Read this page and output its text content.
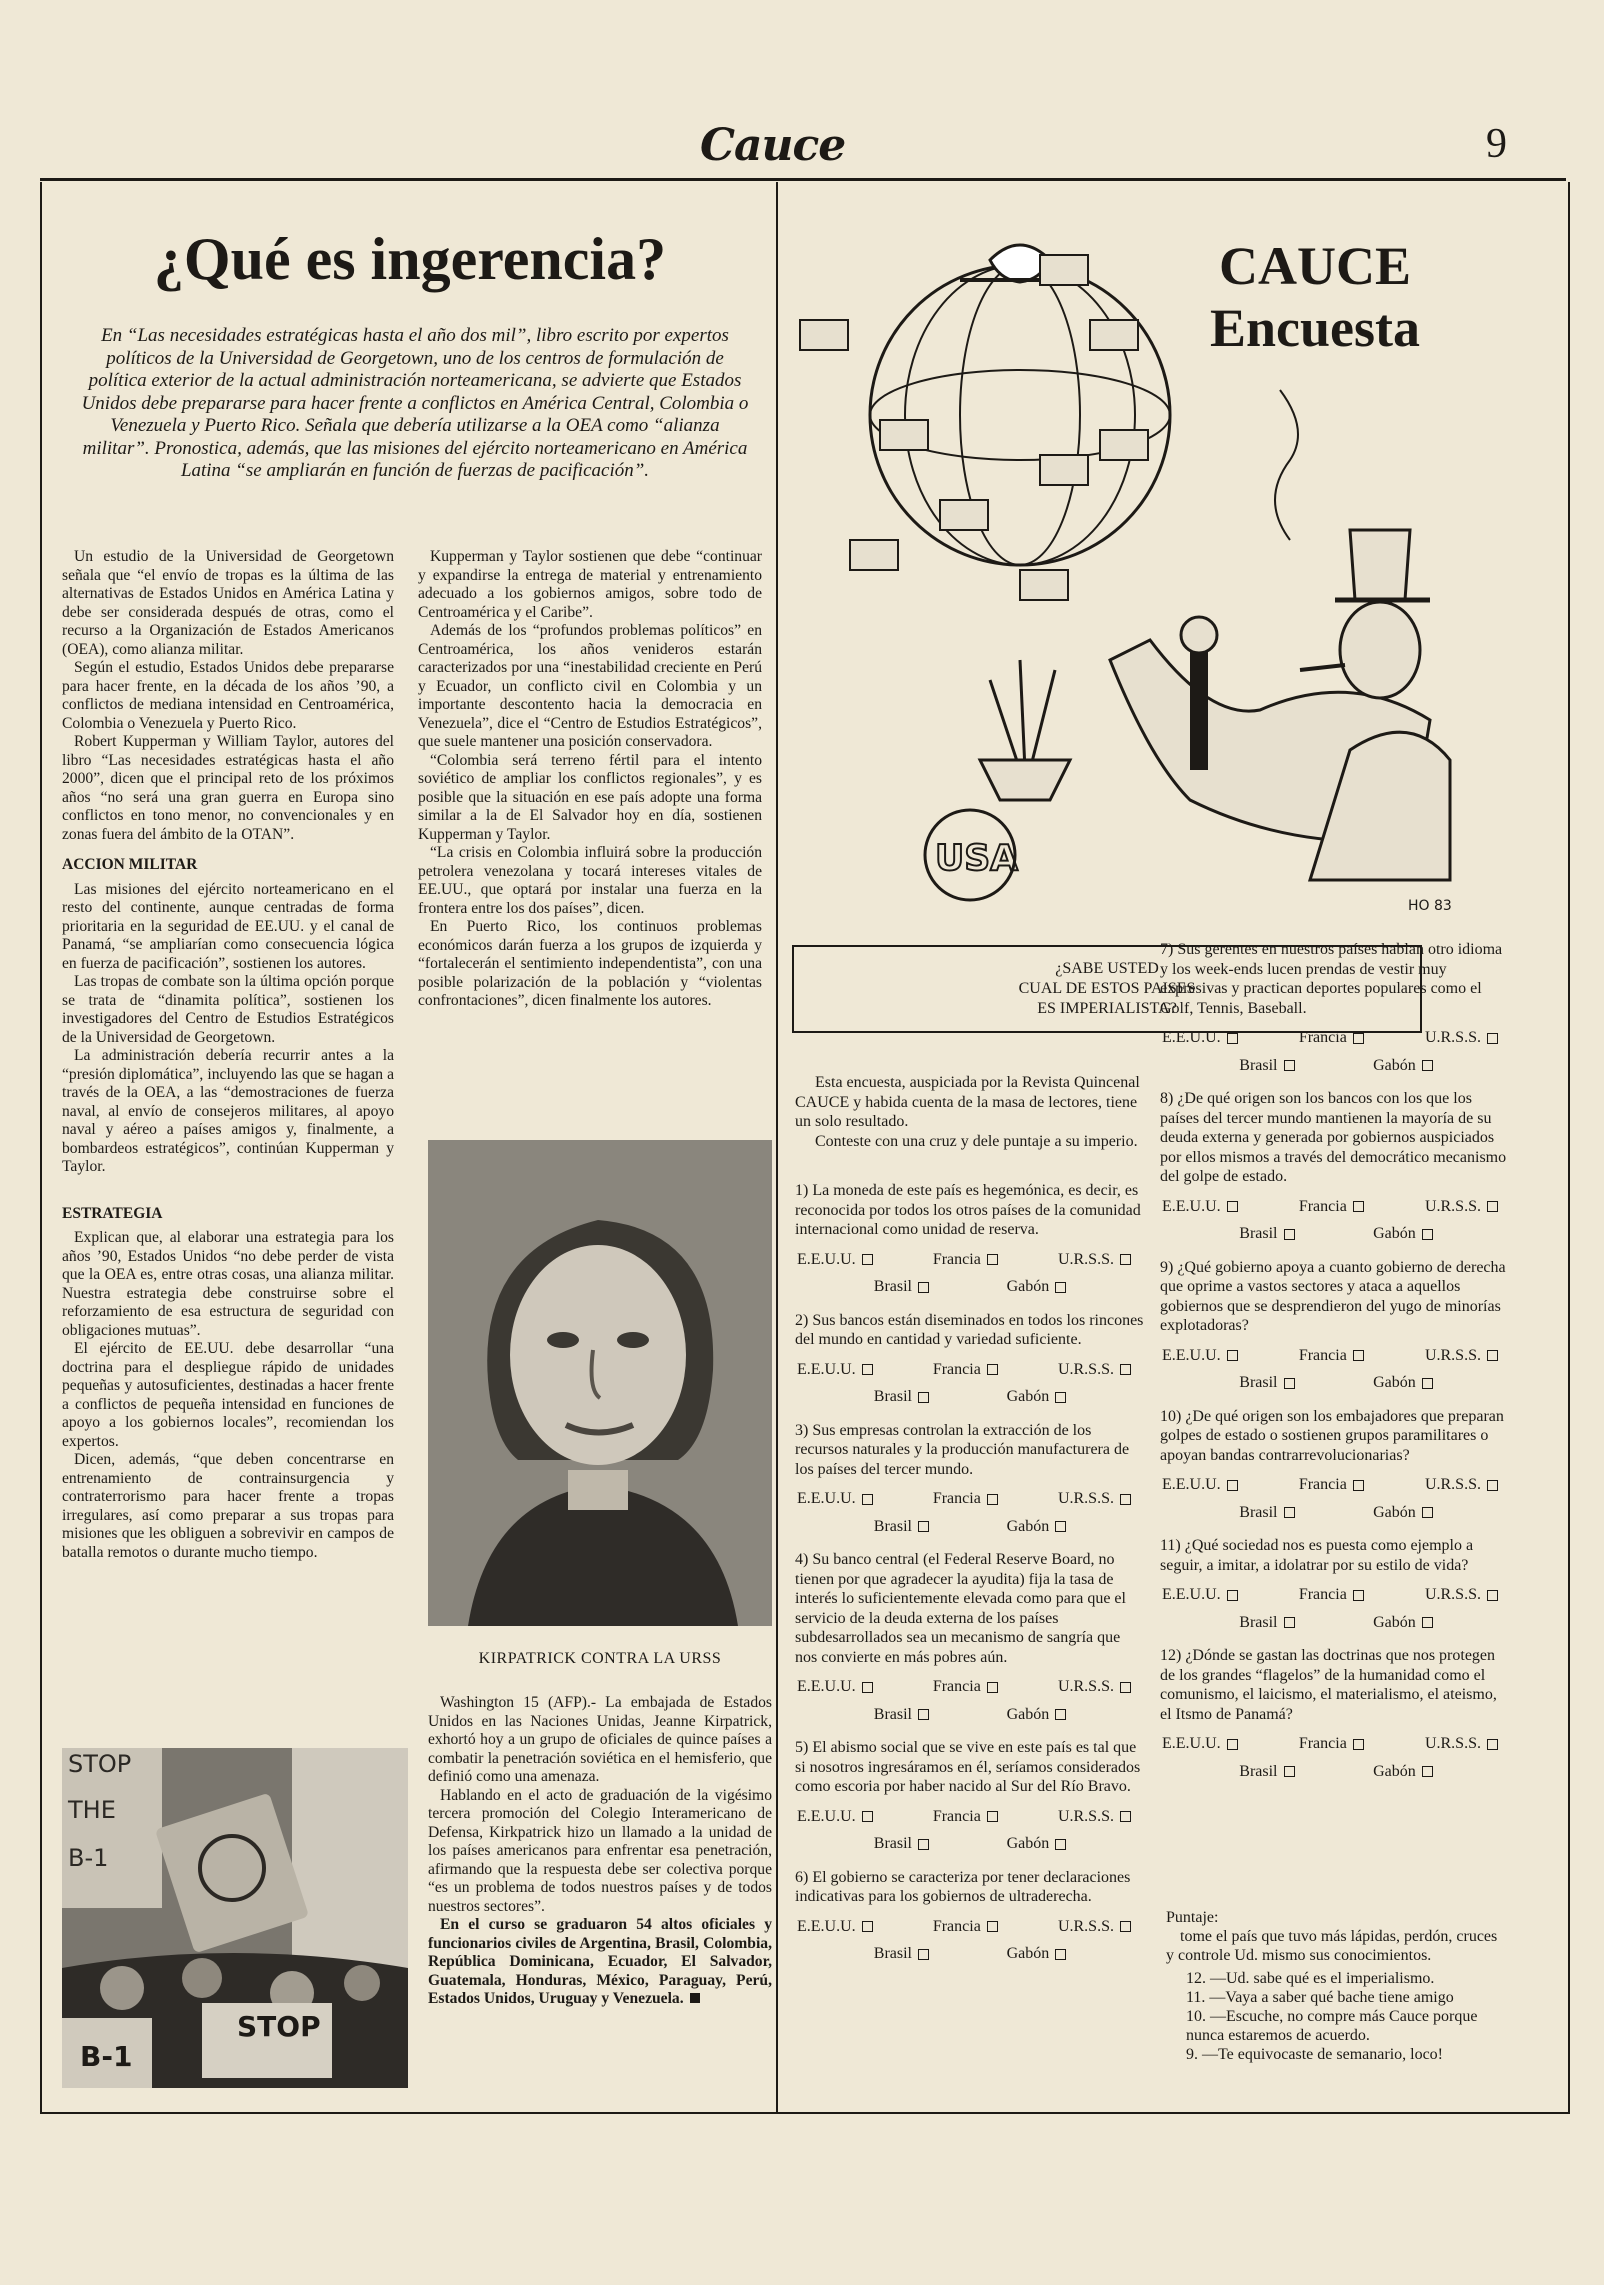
Cauce	9
¿Qué es ingerencia?
En “Las necesidades estratégicas hasta el año dos mil”, libro escrito por expertos políticos de la Universidad de Georgetown, uno de los centros de formulación de política exterior de la actual administración norteamericana, se advierte que Estados Unidos debe prepararse para hacer frente a conflictos en América Central, Colombia o Venezuela y Puerto Rico. Señala que debería utilizarse a la OEA como “alianza militar”. Pronostica, además, que las misiones del ejército norteamericano en América Latina “se ampliarán en función de fuerzas de pacificación”.

Un estudio de la Universidad de Georgetown señala que “el envío de tropas es la última de las alternativas de Estados Unidos en América Latina y debe ser considerada después de otras, como el recurso a la Organización de Estados Americanos (OEA), como alianza militar.

Según el estudio, Estados Unidos debe prepararse para hacer frente, en la década de los años ’90, a conflictos de mediana intensidad en Centroamérica, Colombia o Venezuela y Puerto Rico.

Robert Kupperman y William Taylor, autores del libro “Las necesidades estratégicas hasta el año 2000”, dicen que el principal reto de los próximos años “no será una gran guerra en Europa sino conflictos en tono menor, no convencionales y en zonas fuera del ámbito de la OTAN”.

ACCION MILITAR

Las misiones del ejército norteamericano en el resto del continente, aunque centradas de forma prioritaria en la seguridad de EE.UU. y el canal de Panamá, “se ampliarían como consecuencia lógica en fuerza de pacificación”, sostienen los autores.

Las tropas de combate son la última opción porque se trata de “dinamita política”, sostienen los investigadores del Centro de Estudios Estratégicos de la Universidad de Georgetown.

La administración debería recurrir antes a la “presión diplomática”, incluyendo las que se hagan a través de la OEA, a las “demostraciones de fuerza naval, al envío de consejeros militares, al apoyo naval y aéreo a países amigos y, finalmente, a bombardeos estratégicos”, continúan Kupperman y Taylor.

ESTRATEGIA

Explican que, al elaborar una estrategia para los años ’90, Estados Unidos “no debe perder de vista que la OEA es, entre otras cosas, una alianza militar. Nuestra estrategia debe construirse sobre el reforzamiento de esa estructura de seguridad con obligaciones mutuas”.

El ejército de EE.UU. debe desarrollar “una doctrina para el despliegue rápido de unidades pequeñas y autosuficientes, destinadas a hacer frente a conflictos de pequeña intensidad en funciones de apoyo a los gobiernos locales”, recomiendan los expertos.

Dicen, además, “que deben concentrarse en entrenamiento de contrainsurgencia y contraterrorismo para hacer frente a tropas irregulares, así como preparar a sus tropas para misiones que les obliguen a sobrevivir en campos de batalla remotos o durante mucho tiempo.

Kupperman y Taylor sostienen que debe “continuar y expandirse la entrega de material y entrenamiento adecuado a los gobiernos amigos, sobre todo de Centroamérica y el Caribe”.

Además de los “profundos problemas políticos” en Centroamérica, los años venideros estarán caracterizados por una “inestabilidad creciente en Perú y Ecuador, un conflicto civil en Colombia y un importante descontento hacia la democracia en Venezuela”, dice el “Centro de Estudios Estratégicos”, que suele mantener una posición conservadora.

“Colombia será terreno fértil para el intento soviético de ampliar los conflictos regionales”, y es posible que la situación en ese país adopte una forma similar a la de El Salvador hoy en día, sostienen Kupperman y Taylor.

“La crisis en Colombia influirá sobre la producción petrolera venezolana y tocará intereses vitales de EE.UU., que optará por instalar una fuerza en la frontera entre los dos países”, dicen.

En Puerto Rico, los continuos problemas económicos darán fuerza a los grupos de izquierda y “fortalecerán el sentimiento independentista”, con una posible polarización de la población y “violentas confrontaciones”, dicen finalmente los autores.

KIRPATRICK CONTRA LA URSS

Washington 15 (AFP).- La embajada de Estados Unidos en las Naciones Unidas, Jeanne Kirpatrick, exhortó hoy a un grupo de oficiales de quince países a combatir la penetración soviética en el hemisferio, que definió como una amenaza.

Hablando en el acto de graduación de la vigésimo tercera promoción del Colegio Interamericano de Defensa, Kirkpatrick hizo un llamado a la unidad de los países americanos para enfrentar esa penetración, afirmando que la respuesta debe ser colectiva porque “es un problema de todos nuestros países y de todos nuestros sectores”.

En el curso se graduaron 54 altos oficiales y funcionarios civiles de Argentina, Brasil, Colombia, República Dominicana, Ecuador, El Salvador, Guatemala, Honduras, México, Paraguay, Perú, Estados Unidos, Uruguay y Venezuela.

STOP
THE
B-1
STOP
B-1
CAUCE
Encuesta
USA
HO 83
¿SABE USTED
CUAL DE ESTOS PAISES
ES IMPERIALISTA?

Esta encuesta, auspiciada por la Revista Quincenal CAUCE y habida cuenta de la masa de lectores, tiene un solo resultado.

Conteste con una cruz y dele puntaje a su imperio.

1) La moneda de este país es hegemónica, es decir, es reconocida por todos los otros países de la comunidad internacional como unidad de reserva.

E.E.U.U.	Francia	U.R.S.S.
Brasil	Gabón

2) Sus bancos están diseminados en todos los rincones del mundo en cantidad y variedad suficiente.

E.E.U.U.	Francia	U.R.S.S.
Brasil	Gabón

3) Sus empresas controlan la extracción de los recursos naturales y la producción manufacturera de los países del tercer mundo.

E.E.U.U.	Francia	U.R.S.S.
Brasil	Gabón

4) Su banco central (el Federal Reserve Board, no tienen por que agradecer la ayudita) fija la tasa de interés lo suficientemente elevada como para que el servicio de la deuda externa de los países subdesarrollados sea un mecanismo de sangría que nos convierte en más pobres aún.

E.E.U.U.	Francia	U.R.S.S.
Brasil	Gabón

5) El abismo social que se vive en este país es tal que si nosotros ingresáramos en él, seríamos considerados como escoria por haber nacido al Sur del Río Bravo.

E.E.U.U.	Francia	U.R.S.S.
Brasil	Gabón

6) El gobierno se caracteriza por tener declaraciones indicativas para los gobiernos de ultraderecha.

E.E.U.U.	Francia	U.R.S.S.
Brasil	Gabón

7) Sus gerentes en nuestros países hablan otro idioma y los week-ends lucen prendas de vestir muy expresivas y practican deportes populares como el Golf, Tennis, Baseball.

E.E.U.U.	Francia	U.R.S.S.
Brasil	Gabón

8) ¿De qué origen son los bancos con los que los países del tercer mundo mantienen la mayoría de su deuda externa y generada por gobiernos auspiciados por ellos mismos a través del democrático mecanismo del golpe de estado.

E.E.U.U.	Francia	U.R.S.S.
Brasil	Gabón

9) ¿Qué gobierno apoya a cuanto gobierno de derecha que oprime a vastos sectores y ataca a aquellos gobiernos que se desprendieron del yugo de minorías explotadoras?

E.E.U.U.	Francia	U.R.S.S.
Brasil	Gabón

10) ¿De qué origen son los embajadores que preparan golpes de estado o sostienen grupos paramilitares o apoyan bandas contrarrevolucionarias?

E.E.U.U.	Francia	U.R.S.S.
Brasil	Gabón

11) ¿Qué sociedad nos es puesta como ejemplo a seguir, a imitar, a idolatrar por su estilo de vida?

E.E.U.U.	Francia	U.R.S.S.
Brasil	Gabón

12) ¿Dónde se gastan las doctrinas que nos protegen de los grandes “flagelos” de la humanidad como el comunismo, el laicismo, el materialismo, el ateismo, el Itsmo de Panamá?

E.E.U.U.	Francia	U.R.S.S.
Brasil	Gabón
Puntaje:
tome el país que tuvo más lápidas, perdón, cruces y controle Ud. mismo sus conocimientos.
12. —Ud. sabe qué es el imperialismo.
11. —Vaya a saber qué bache tiene amigo
10. —Escuche, no compre más Cauce porque nunca estaremos de acuerdo.
9. —Te equivocaste de semanario, loco!
